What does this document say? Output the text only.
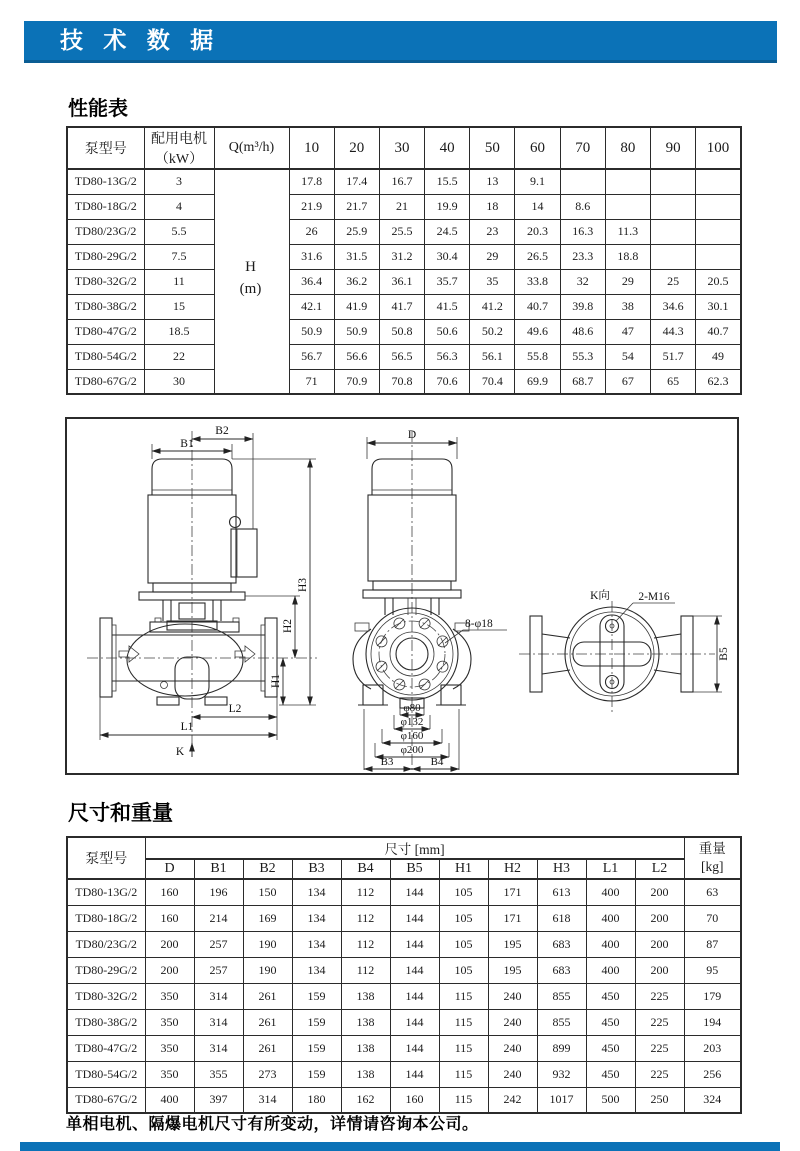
技 术 数 据
性能表
泵型号	配用电机
（kW）	Q(m³/h)	10	20	30	40	50	60	70	80	90	100
TD80-13G/2	3		17.8	17.4	16.7	15.5	13	9.1				
TD80-18G/2	4		21.9	21.7	21	19.9	18	14	8.6			
TD80/23G/2	5.5		26	25.9	25.5	24.5	23	20.3	16.3	11.3		
TD80-29G/2	7.5		31.6	31.5	31.2	30.4	29	26.5	23.3	18.8		
TD80-32G/2	11		36.4	36.2	36.1	35.7	35	33.8	32	29	25	20.5
TD80-38G/2	15		42.1	41.9	41.7	41.5	41.2	40.7	39.8	38	34.6	30.1
TD80-47G/2	18.5		50.9	50.9	50.8	50.6	50.2	49.6	48.6	47	44.3	40.7
TD80-54G/2	22		56.7	56.6	56.5	56.3	56.1	55.8	55.3	54	51.7	49
TD80-67G/2	30		71	70.9	70.8	70.6	70.4	69.9	68.7	67	65	62.3
H
(m)
B2
B1
H3
H2
H1
L2
L1
K
8-φ18
D
φ80
φ132
φ160
φ200
B3	B4
K向 2-M16
B5
尺寸和重量
泵型号	尺寸 [mm]											重量
[kg]
	D	B1	B2	B3	B4	B5	H1	H2	H3	L1	L2	
TD80-13G/2	160	196	150	134	112	144	105	171	613	400	200	63
TD80-18G/2	160	214	169	134	112	144	105	171	618	400	200	70
TD80/23G/2	200	257	190	134	112	144	105	195	683	400	200	87
TD80-29G/2	200	257	190	134	112	144	105	195	683	400	200	95
TD80-32G/2	350	314	261	159	138	144	115	240	855	450	225	179
TD80-38G/2	350	314	261	159	138	144	115	240	855	450	225	194
TD80-47G/2	350	314	261	159	138	144	115	240	899	450	225	203
TD80-54G/2	350	355	273	159	138	144	115	240	932	450	225	256
TD80-67G/2	400	397	314	180	162	160	115	242	1017	500	250	324
单相电机、隔爆电机尺寸有所变动，详情请咨询本公司。
